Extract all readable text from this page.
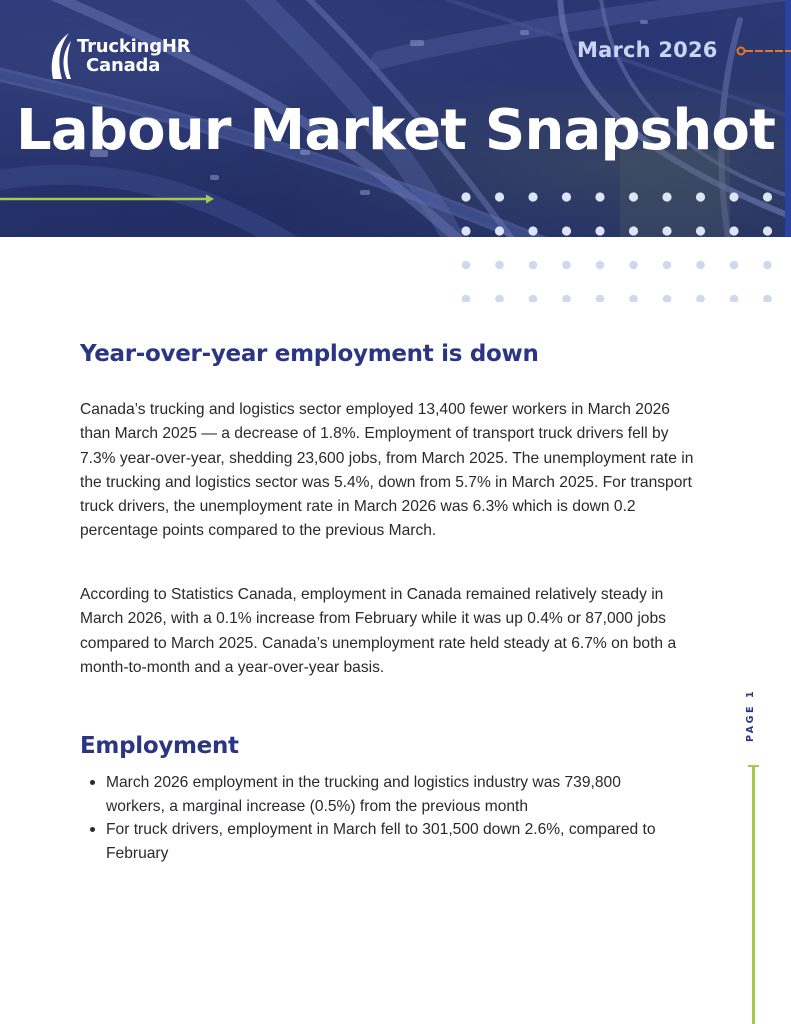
TruckingHR
Canada
March 2026
Labour Market Snapshot
Year-over-year employment is down

Canada’s trucking and logistics sector employed 13,400 fewer workers in March 2026 than March 2025 — a decrease of 1.8%. Employment of transport truck drivers fell by 7.3% year-over-year, shedding 23,600 jobs, from March 2025. The unemployment rate in the trucking and logistics sector was 5.4%, down from 5.7% in March 2025. For transport truck drivers, the unemployment rate in March 2026 was 6.3% which is down 0.2 percentage points compared to the previous March.

According to Statistics Canada, employment in Canada remained relatively steady in March 2026, with a 0.1% increase from February while it was up 0.4% or 87,000 jobs compared to March 2025. Canada’s unemployment rate held steady at 6.7% on both a month-to-month and a year-over-year basis.

Employment
March 2026 employment in the trucking and logistics industry was 739,800 workers, a marginal increase (0.5%) from the previous month
For truck drivers, employment in March fell to 301,500 down 2.6%, compared to February
PAGE 1
